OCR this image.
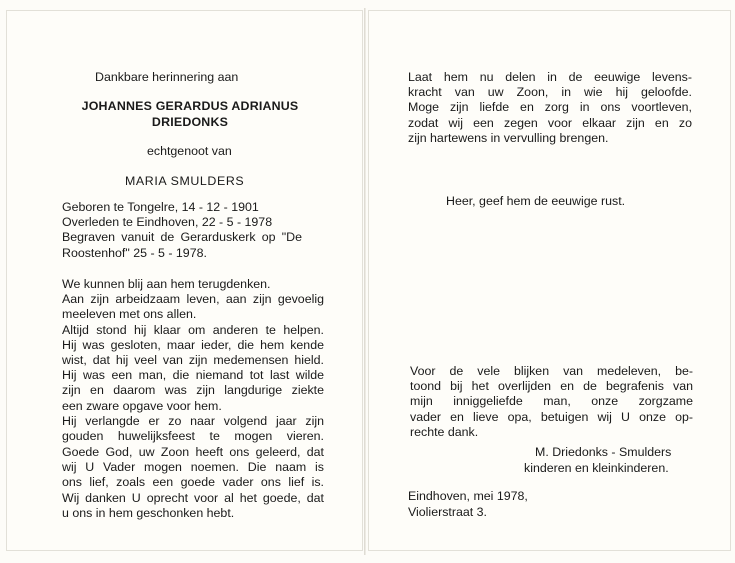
Dankbare herinnering aan
JOHANNES GERARDUS ADRIANUS
DRIEDONKS
echtgenoot van
MARIA SMULDERS
Geboren te Tongelre, 14 - 12 - 1901
Overleden te Eindhoven, 22 - 5 - 1978
Begraven vanuit de Gerarduskerk op "De
Roostenhof" 25 - 5 - 1978.
We kunnen blij aan hem terugdenken.
Aan zijn arbeidzaam leven, aan zijn gevoelig
meeleven met ons allen.
Altijd stond hij klaar om anderen te helpen.
Hij was gesloten, maar ieder, die hem kende
wist, dat hij veel van zijn medemensen hield.
Hij was een man, die niemand tot last wilde
zijn en daarom was zijn langdurige ziekte
een zware opgave voor hem.
Hij verlangde er zo naar volgend jaar zijn
gouden huwelijksfeest te mogen vieren.
Goede God, uw Zoon heeft ons geleerd, dat
wij U Vader mogen noemen. Die naam is
ons lief, zoals een goede vader ons lief is.
Wij danken U oprecht voor al het goede, dat
u ons in hem geschonken hebt.
Laat hem nu delen in de eeuwige levens-
kracht van uw Zoon, in wie hij geloofde.
Moge zijn liefde en zorg in ons voortleven,
zodat wij een zegen voor elkaar zijn en zo
zijn hartewens in vervulling brengen.
Heer, geef hem de eeuwige rust.
Voor de vele blijken van medeleven, be-
toond bij het overlijden en de begrafenis van
mijn inniggeliefde man, onze zorgzame
vader en lieve opa, betuigen wij U onze op-
rechte dank.
M. Driedonks - Smulders
kinderen en kleinkinderen.
Eindhoven, mei 1978,
Violierstraat 3.
